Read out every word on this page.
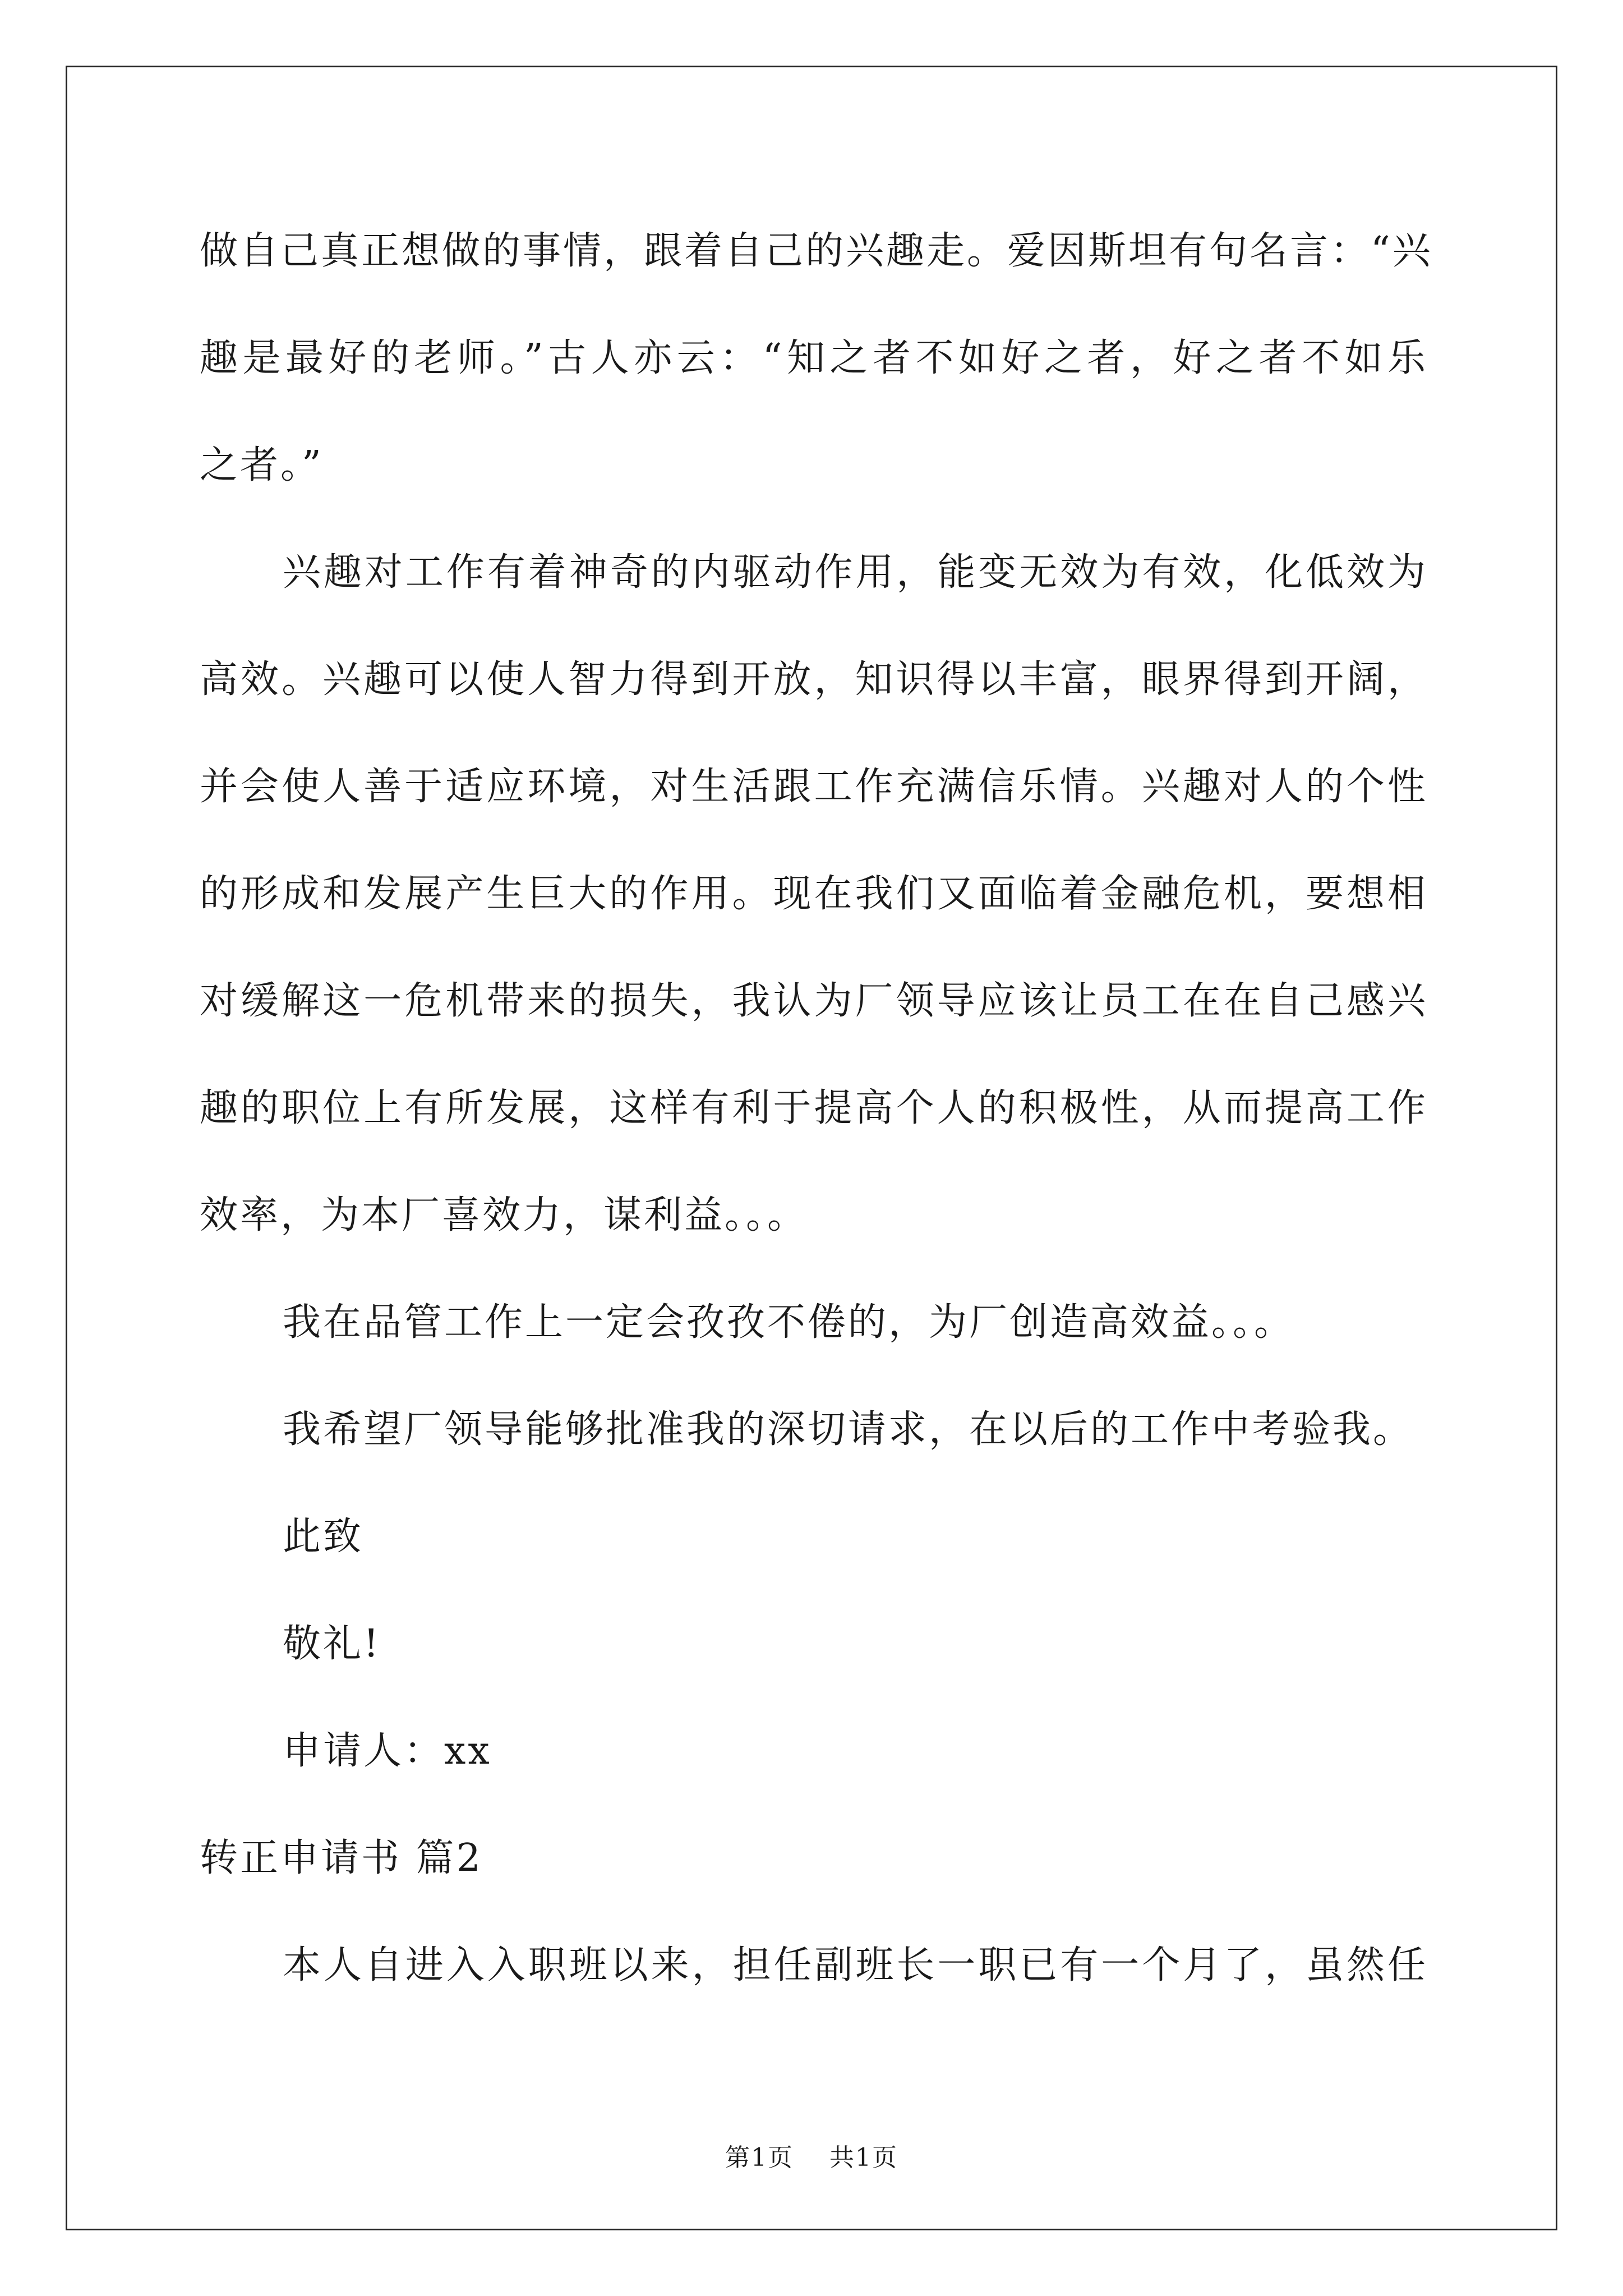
做自己真正想做的事情，跟着自己的兴趣走。爱因斯坦有句名言：“兴
趣是最好的老师。”古人亦云：“知之者不如好之者，好之者不如乐
之者。”
兴趣对工作有着神奇的内驱动作用，能变无效为有效，化低效为
高效。兴趣可以使人智力得到开放，知识得以丰富，眼界得到开阔，
并会使人善于适应环境，对生活跟工作充满信乐情。兴趣对人的个性
的形成和发展产生巨大的作用。现在我们又面临着金融危机，要想相
对缓解这一危机带来的损失，我认为厂领导应该让员工在在自己感兴
趣的职位上有所发展，这样有利于提高个人的积极性，从而提高工作
效率，为本厂喜效力，谋利益。。。
我在品管工作上一定会孜孜不倦的，为厂创造高效益。。。
我希望厂领导能够批准我的深切请求，在以后的工作中考验我。
此致
敬礼!
申请人：xx
转正申请书 篇2
本人自进入入职班以来，担任副班长一职已有一个月了，虽然任
第1页 共1页
